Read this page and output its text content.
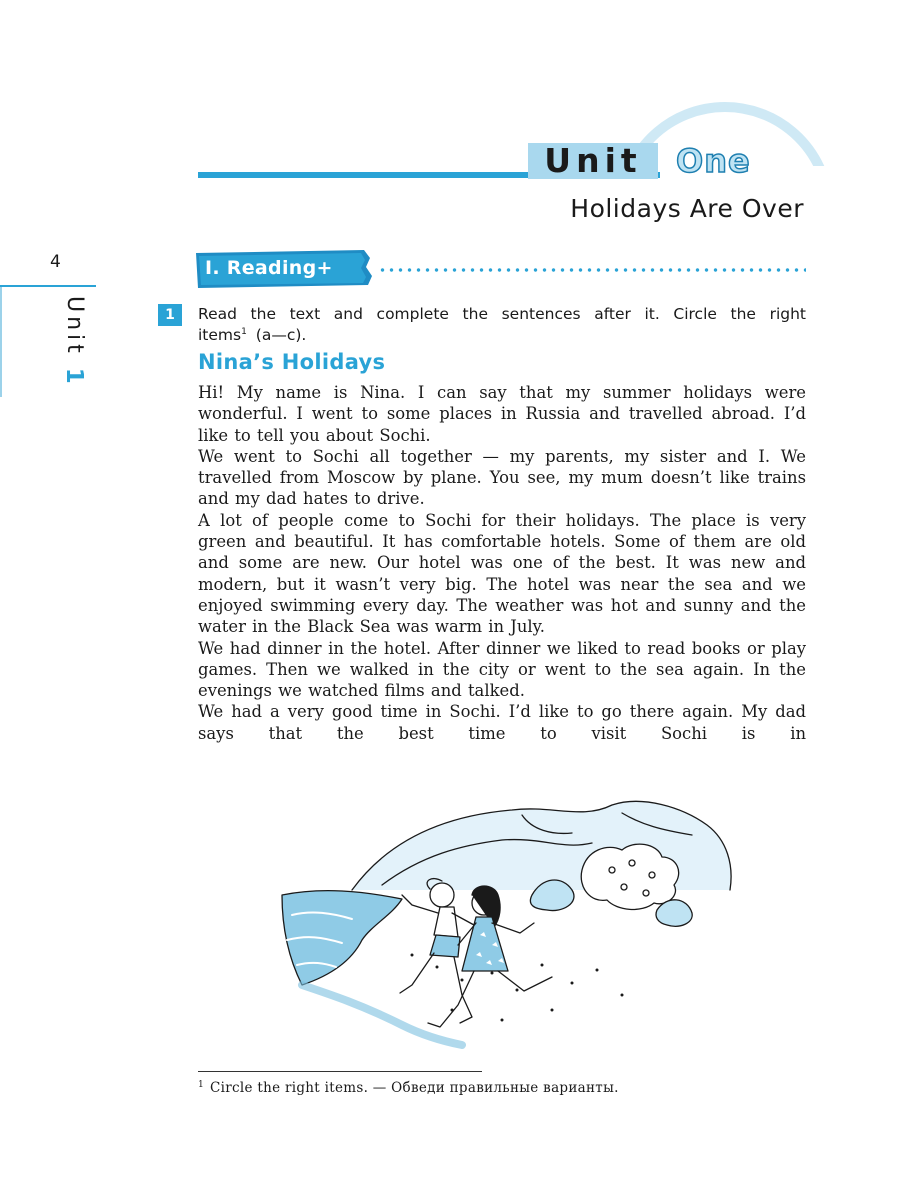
Unit	One
Holidays Are Over
4
Unit 1
I. Reading+
1	Read the text and complete the sentences after it. Circle the right items$^1$ (a—c).
Nina’s Holidays

Hi! My name is Nina. I can say that my summer holidays were wonderful. I went to some places in Russia and travelled abroad. I’d like to tell you about Sochi.

We went to Sochi all together — my parents, my sister and I. We travelled from Moscow by plane. You see, my mum doesn’t like trains and my dad hates to drive.

A lot of people come to Sochi for their holidays. The place is very green and beautiful. It has comfortable hotels. Some of them are old and some are new. Our hotel was one of the best. It was new and modern, but it wasn’t very big. The hotel was near the sea and we enjoyed swimming every day. The weather was hot and sunny and the water in the Black Sea was warm in July.

We had dinner in the hotel. After dinner we liked to read books or play games. Then we walked in the city or went to the sea again. In the evenings we watched films and talked.

We had a very good time in Sochi. I’d like to go there again. My dad says that the best time to visit Sochi is in

$^1$ Circle the right items. — Обведи правильные варианты.
